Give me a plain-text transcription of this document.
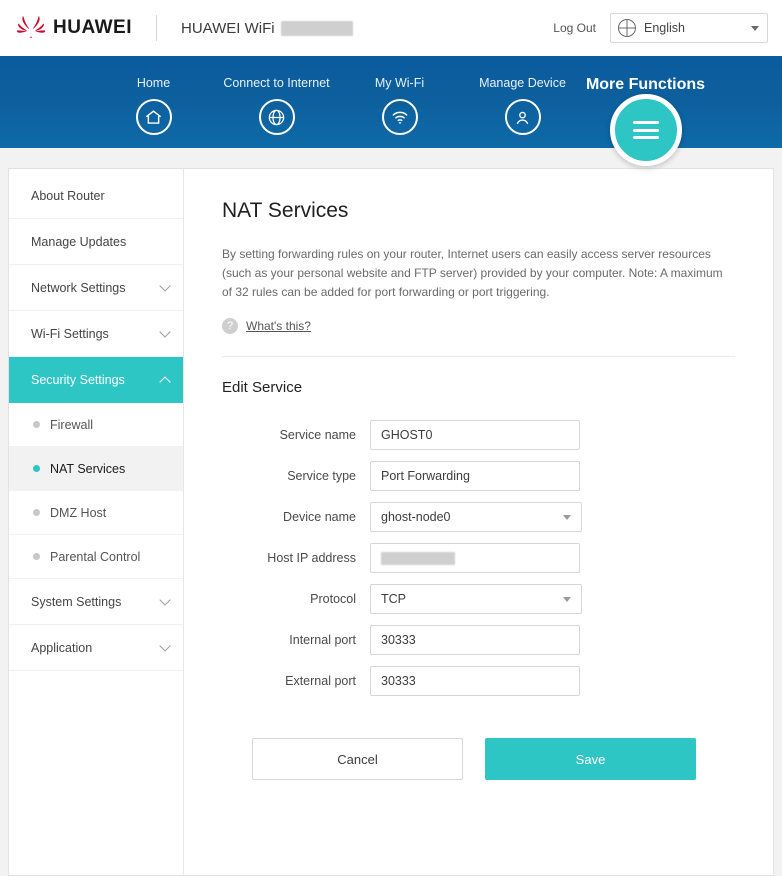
HUAWEI	HUAWEI WiFi	Log Out	English
Home	Connect to Internet	My Wi-Fi	Manage Device	More Functions
About Router
Manage Updates
Network Settings
Wi-Fi Settings
Security Settings
Firewall
NAT Services
DMZ Host
Parental Control
System Settings
Application
NAT Services

By setting forwarding rules on your router, Internet users can easily access server resources (such as your personal website and FTP server) provided by your computer. Note: A maximum of 32 rules can be added for port forwarding or port triggering.

?	What's this?
Edit Service
Service name	GHOST0
Service type	Port Forwarding
Device name	ghost-node0
Host IP address
Protocol	TCP
Internal port	30333
External port	30333
Cancel	Save
